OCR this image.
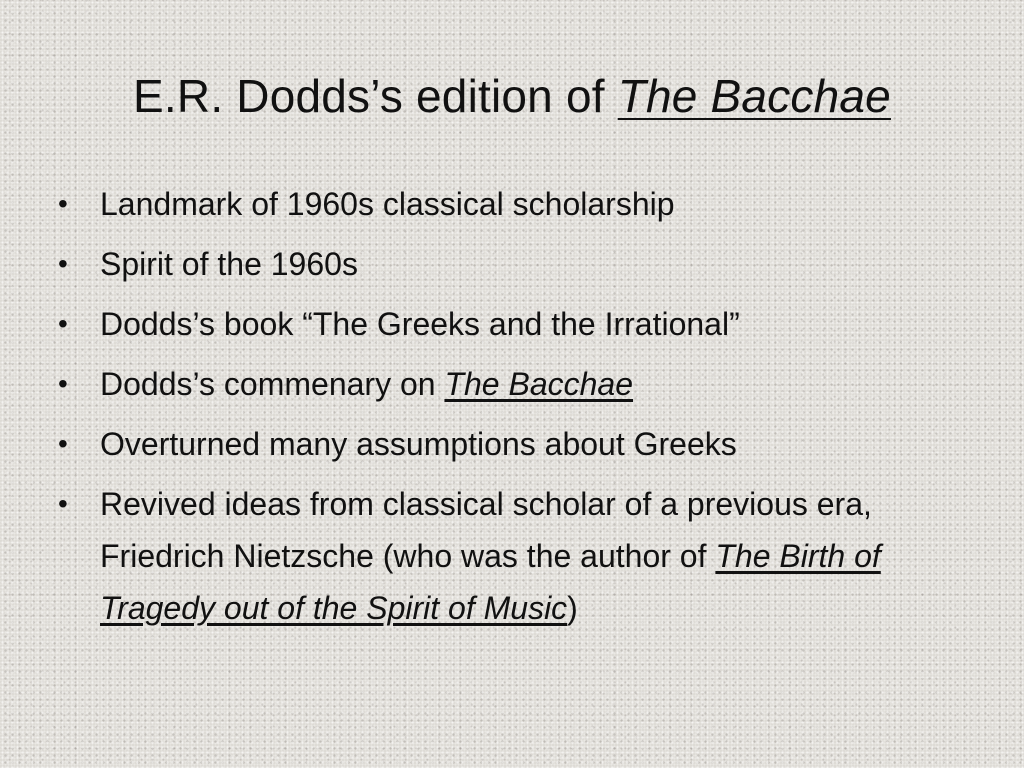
E.R. Dodds’s edition of The Bacchae
• Landmark of 1960s classical scholarship
• Spirit of the 1960s
• Dodds’s book “The Greeks and the Irrational”
• Dodds’s commenary on The Bacchae
• Overturned many assumptions about Greeks
• Revived ideas from classical scholar of a previous era, Friedrich Nietzsche (who was the author of The Birth of Tragedy out of the Spirit of Music)
